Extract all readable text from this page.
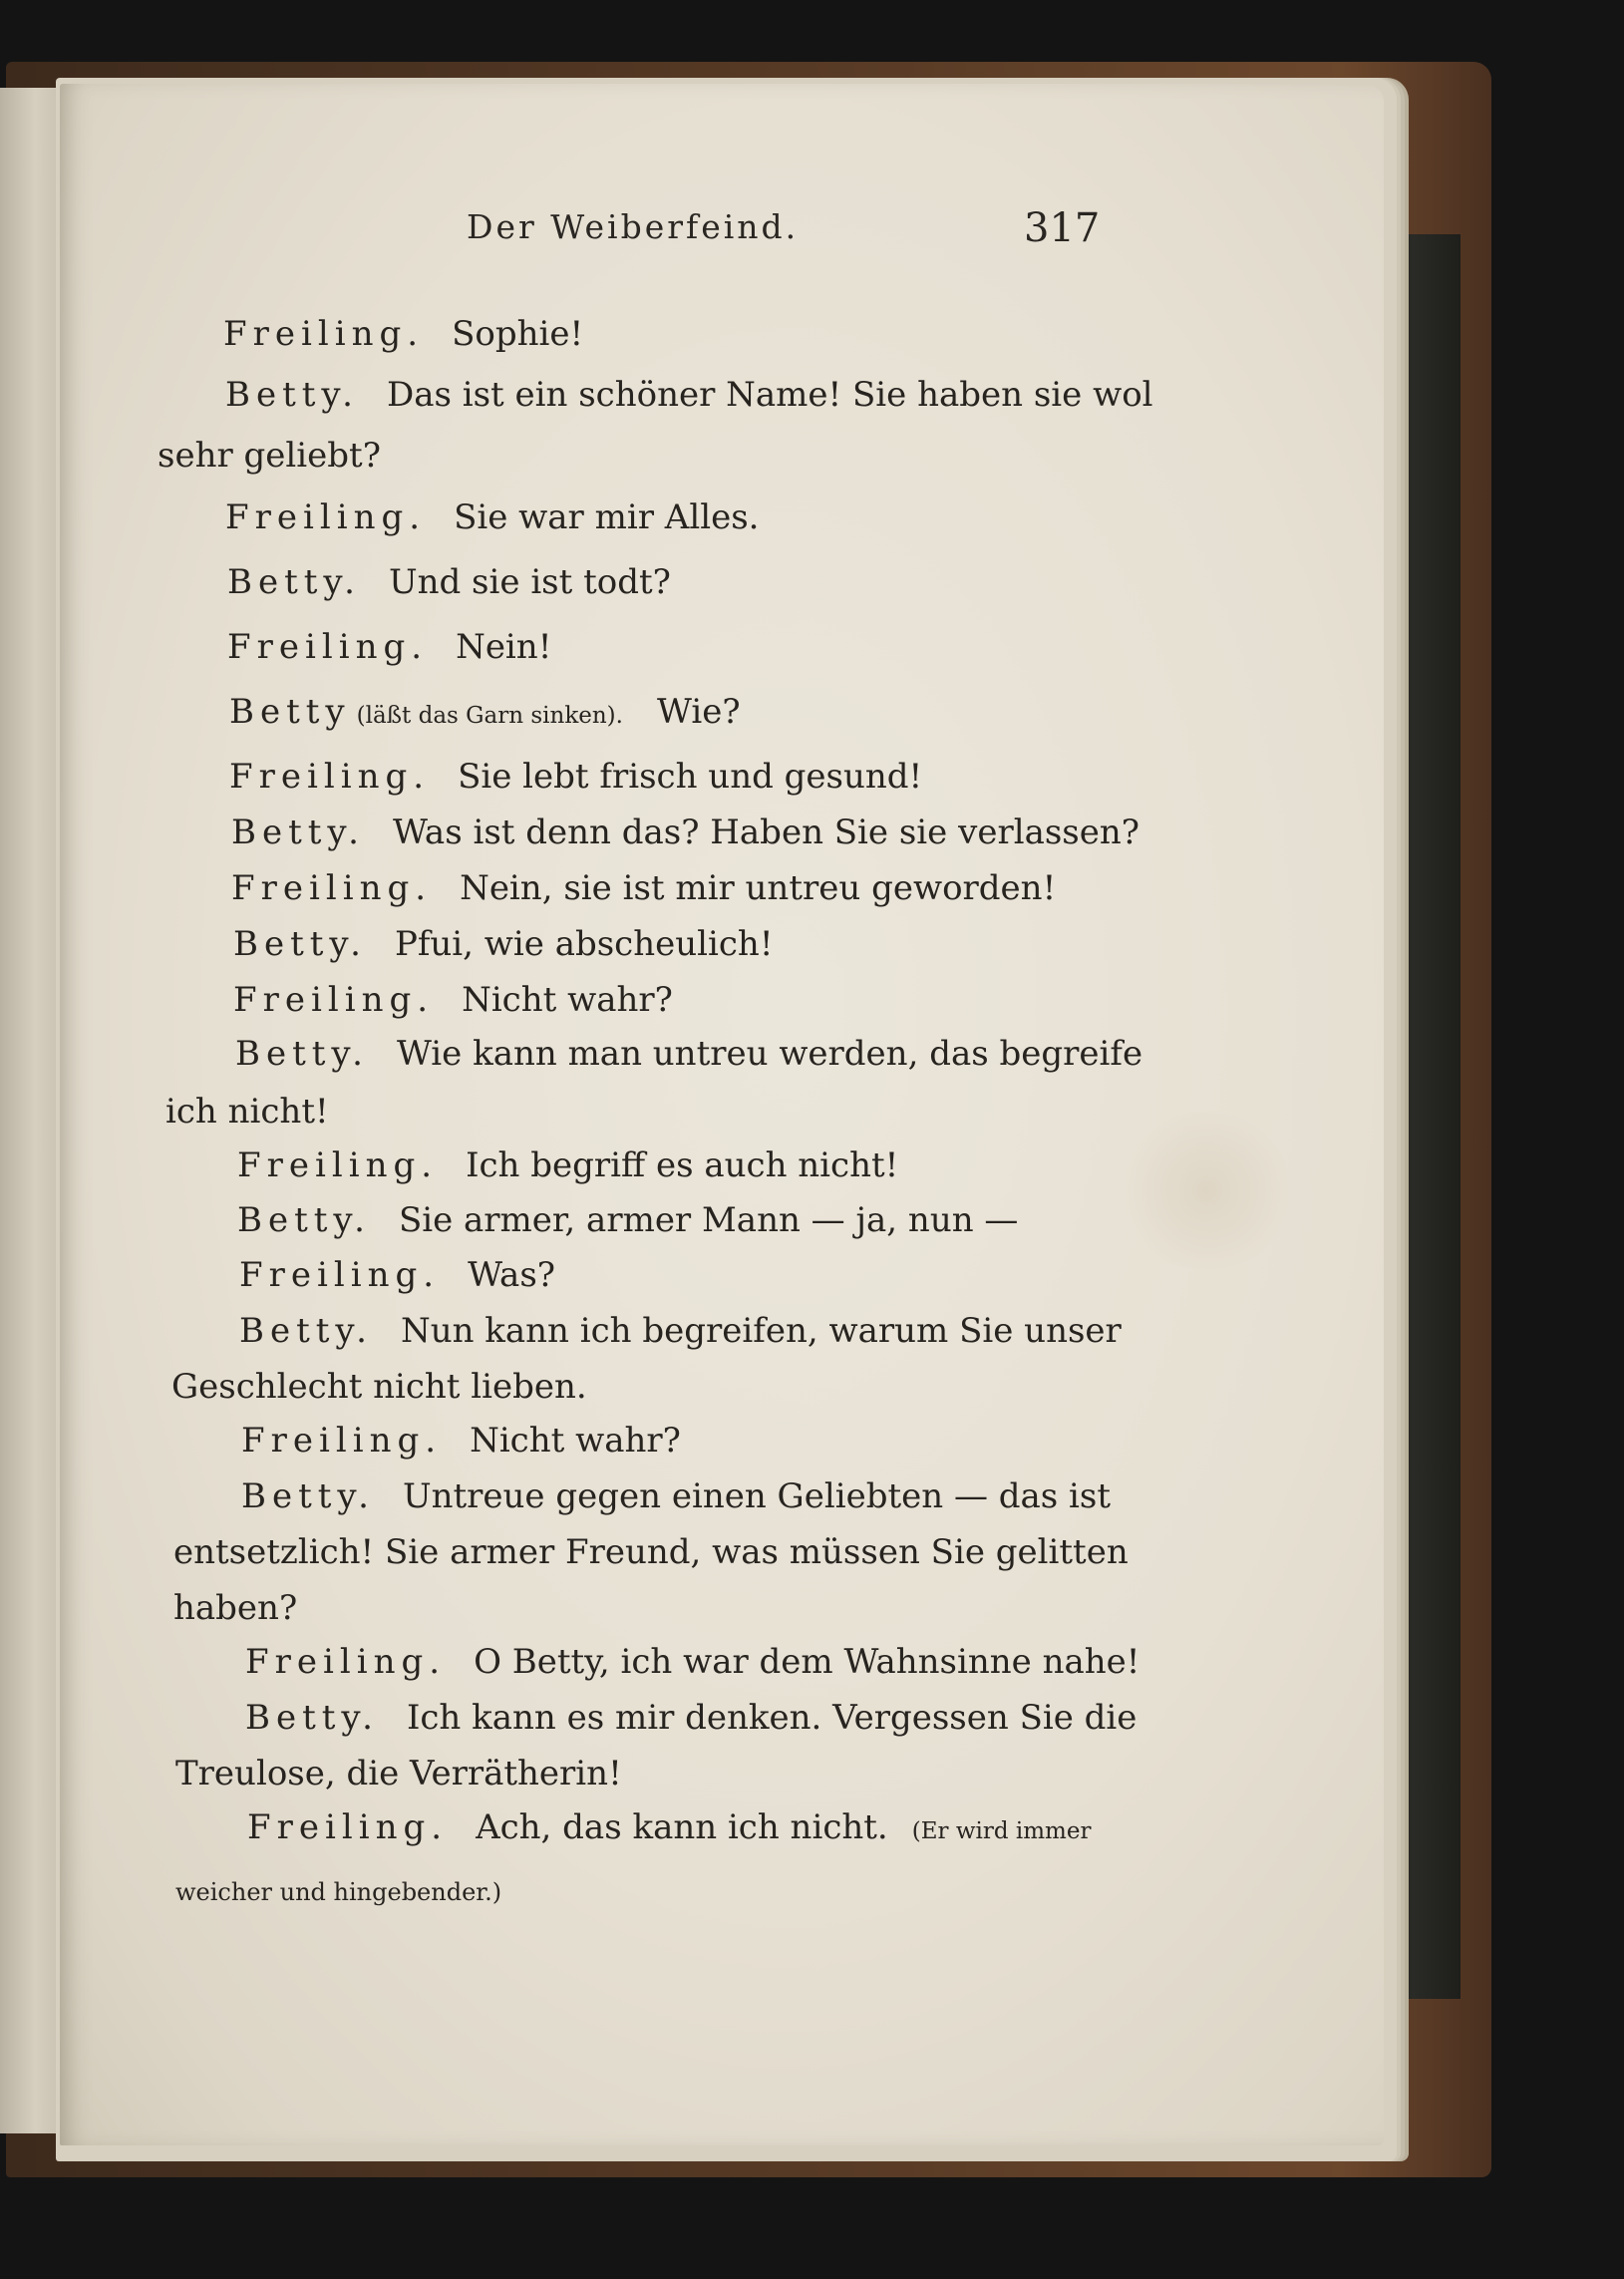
Der Weiberfeind.	317
Freiling. Sophie!
Betty. Das ist ein schöner Name! Sie haben sie wol
sehr geliebt?
Freiling. Sie war mir Alles.
Betty. Und sie ist todt?
Freiling. Nein!
Betty (läßt das Garn sinken). Wie?
Freiling. Sie lebt frisch und gesund!
Betty. Was ist denn das? Haben Sie sie verlassen?
Freiling. Nein, sie ist mir untreu geworden!
Betty. Pfui, wie abscheulich!
Freiling. Nicht wahr?
Betty. Wie kann man untreu werden, das begreife
ich nicht!
Freiling. Ich begriff es auch nicht!
Betty. Sie armer, armer Mann — ja, nun —
Freiling. Was?
Betty. Nun kann ich begreifen, warum Sie unser
Geschlecht nicht lieben.
Freiling. Nicht wahr?
Betty. Untreue gegen einen Geliebten — das ist
entsetzlich! Sie armer Freund, was müssen Sie gelitten
haben?
Freiling. O Betty, ich war dem Wahnsinne nahe!
Betty. Ich kann es mir denken. Vergessen Sie die
Treulose, die Verrätherin!
Freiling. Ach, das kann ich nicht. (Er wird immer
weicher und hingebender.)
